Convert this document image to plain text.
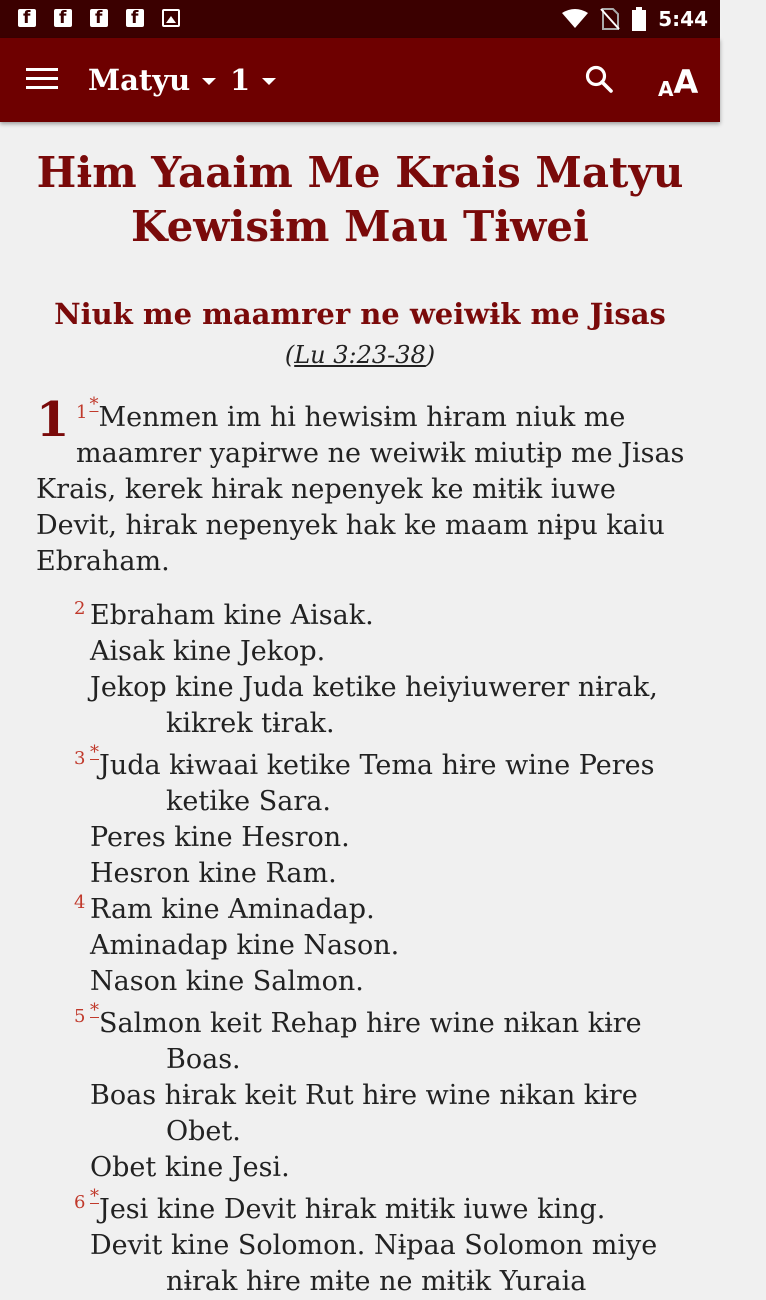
f
f
f
f
5:44
Matyu 1	A A
Hɨm Yaaim Me Krais Matyu
Kewisɨm Mau Tɨwei
Niuk me maamrer ne weiwɨk me Jisas
(Lu 3:23-38)
1 $^1$ *Menmen im hi hewisɨm hɨram niuk me
maamrer yapɨrwe ne weiwɨk miutɨp me Jisas
Krais, kerek hɨrak nepenyek ke mɨtɨk iuwe
Devit, hɨrak nepenyek hak ke maam nɨpu kaiu
Ebraham.

2 Ebraham kine Aisak.
Aisak kine Jekop.
Jekop kine Juda ketike heiyiuwerer nɨrak,
kikrek tɨrak.
3 *Juda kɨwaai ketike Tema hɨre wine Peres
ketike Sara.
Peres kine Hesron.
Hesron kine Ram.
4 Ram kine Aminadap.
Aminadap kine Nason.
Nason kine Salmon.
5 *Salmon keit Rehap hɨre wine nɨkan kɨre
Boas.
Boas hɨrak keit Rut hɨre wine nɨkan kɨre
Obet.
Obet kine Jesi.
6 *Jesi kine Devit hɨrak mɨtɨk iuwe king.
Devit kine Solomon. Nɨpaa Solomon miye
nɨrak hɨre mɨte ne mɨtɨk Yuraia
